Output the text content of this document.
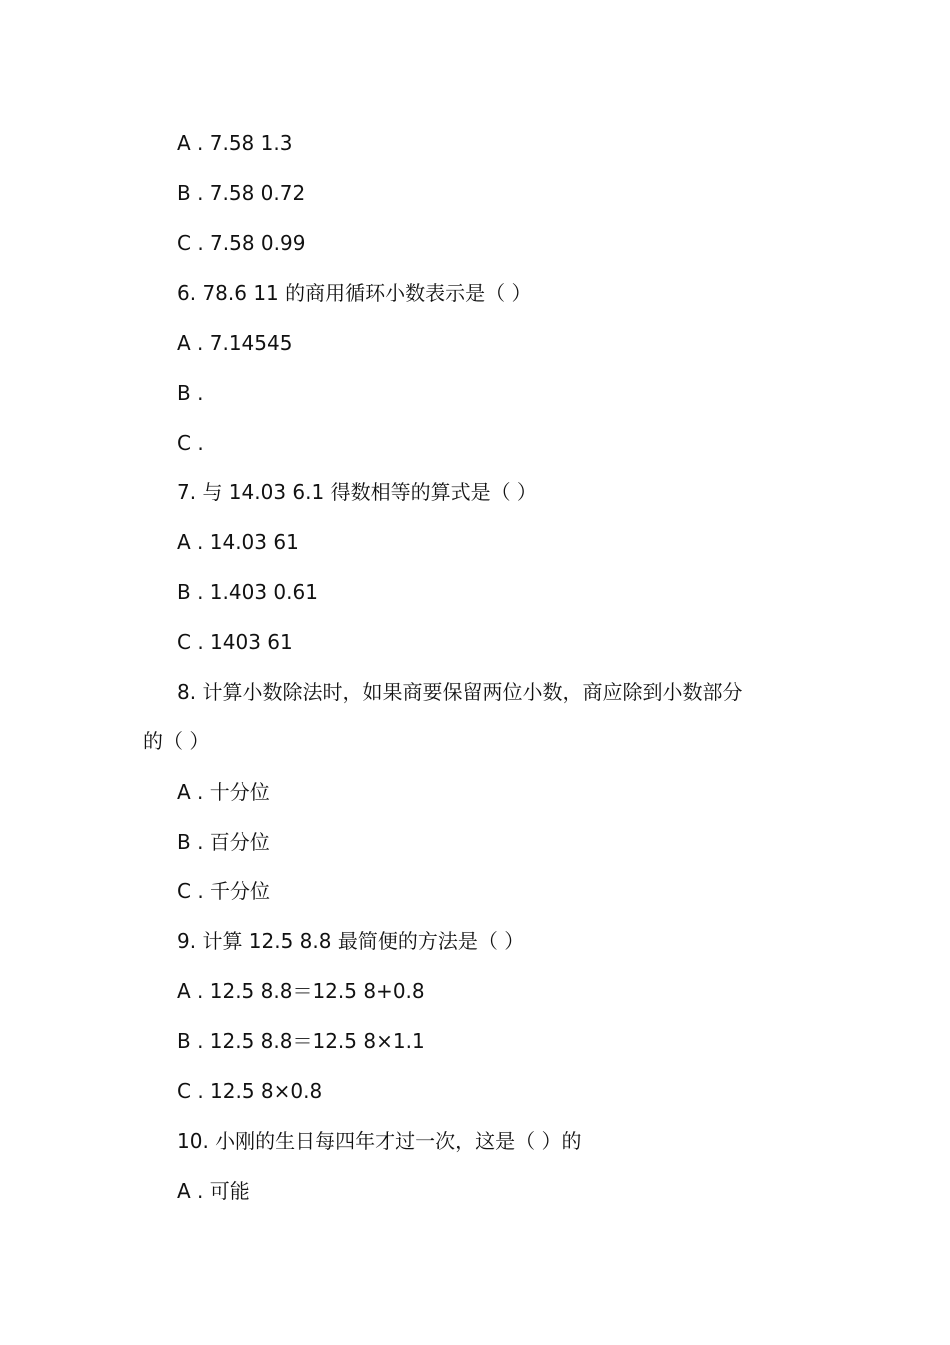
A . 7.58 1.3
B . 7.58 0.72
C . 7.58 0.99
6. 78.6 11 的商用循环小数表示是（ ）
A . 7.14545
B .
C .
7. 与 14.03 6.1 得数相等的算式是（ ）
A . 14.03 61
B . 1.403 0.61
C . 1403 61
8. 计算小数除法时，如果商要保留两位小数，商应除到小数部分
的（ ）
A . 十分位
B . 百分位
C . 千分位
9. 计算 12.5 8.8 最简便的方法是（ ）
A . 12.5 8.8＝12.5 8+0.8
B . 12.5 8.8＝12.5 8×1.1
C . 12.5 8×0.8
10. 小刚的生日每四年才过一次，这是（ ）的
A . 可能
